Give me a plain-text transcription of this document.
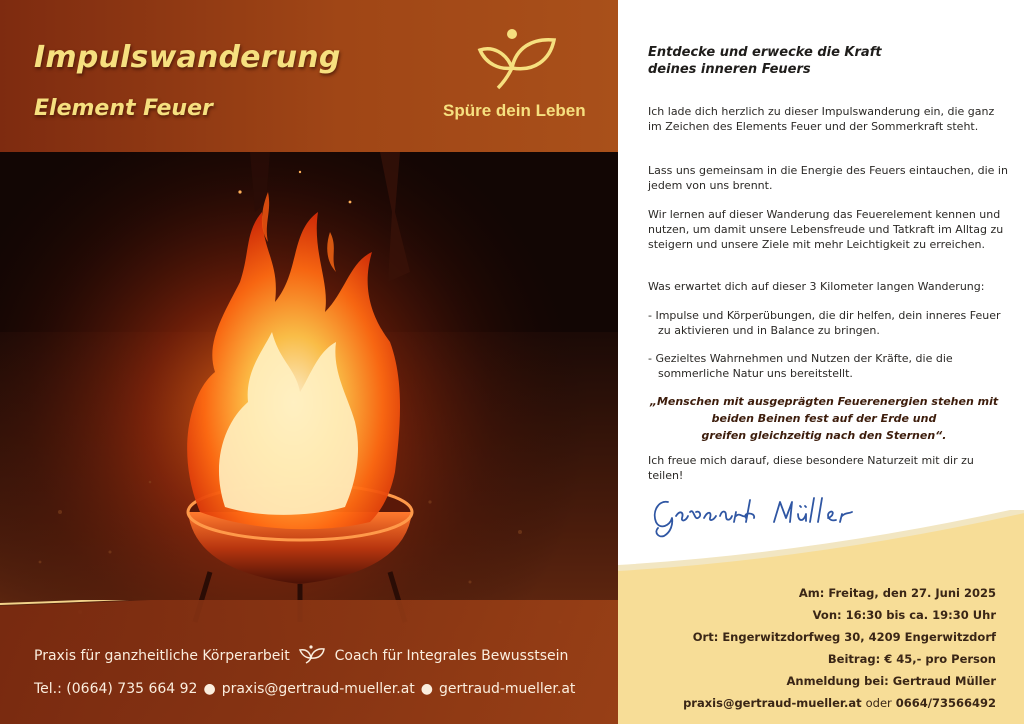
Impulswanderung
Element Feuer	Spüre dein Leben
Praxis für ganzheitliche Körperarbeit	Coach für Integrales Bewusstsein
Tel.: (0664) 735 664 92 ● praxis@gertraud-mueller.at ● gertraud-mueller.at
Entdecke und erwecke die Kraft
deines inneren Feuers
Ich lade dich herzlich zu dieser Impulswanderung ein, die ganz im Zeichen des Elements Feuer und der Sommerkraft steht.
Lass uns gemeinsam in die Energie des Feuers eintauchen, die in jedem von uns brennt.
Wir lernen auf dieser Wanderung das Feuerelement kennen und nutzen, um damit unsere Lebensfreude und Tatkraft im Alltag zu steigern und unsere Ziele mit mehr Leichtigkeit zu erreichen.
Was erwartet dich auf dieser 3 Kilometer langen Wanderung:
- Impulse und Körperübungen, die dir helfen, dein inneres Feuer zu aktivieren und in Balance zu bringen.
- Gezieltes Wahrnehmen und Nutzen der Kräfte, die die sommerliche Natur uns bereitstellt.
„Menschen mit ausgeprägten Feuerenergien stehen mit
beiden Beinen fest auf der Erde und
greifen gleichzeitig nach den Sternen“.
Ich freue mich darauf, diese besondere Naturzeit mit dir zu teilen!
Am: Freitag, den 27. Juni 2025
Von: 16:30 bis ca. 19:30 Uhr
Ort: Engerwitzdorfweg 30, 4209 Engerwitzdorf
Beitrag: € 45,- pro Person
Anmeldung bei: Gertraud Müller
praxis@gertraud-mueller.at oder 0664/73566492
